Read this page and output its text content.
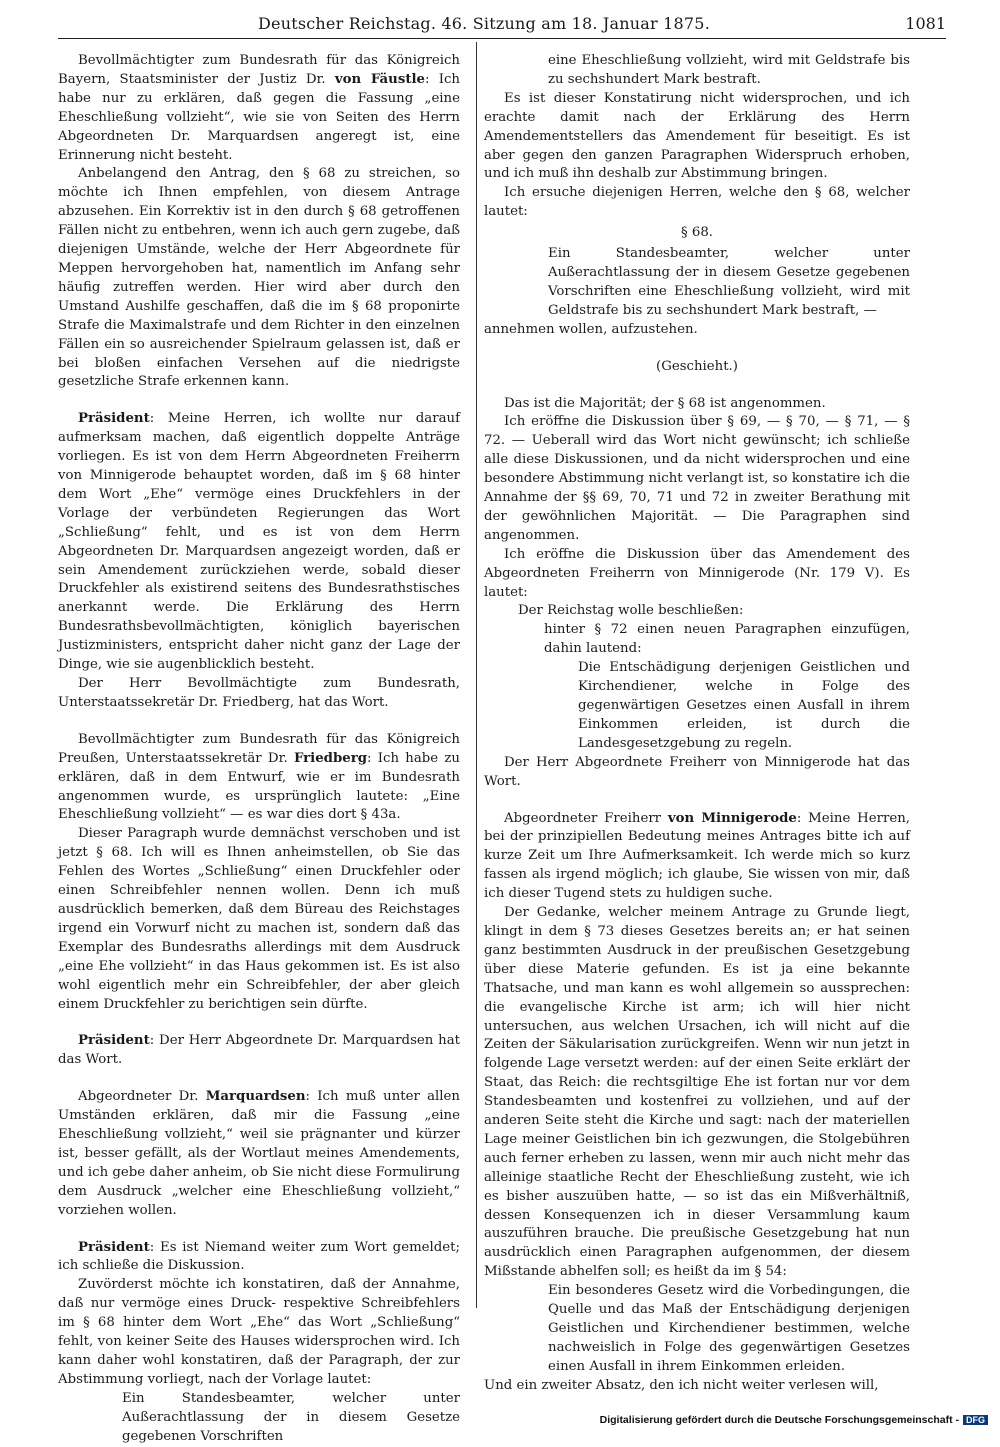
Deutscher Reichstag. 46. Sitzung am 18. Januar 1875.	1081

Bevollmächtigter zum Bundesrath für das Königreich Bayern, Staatsminister der Justiz Dr. von Fäustle: Ich habe nur zu erklären, daß gegen die Fassung „eine Eheschließung vollzieht“, wie sie von Seiten des Herrn Abgeordneten Dr. Marquardsen angeregt ist, eine Erinnerung nicht besteht.

Anbelangend den Antrag, den § 68 zu streichen, so möchte ich Ihnen empfehlen, von diesem Antrage abzusehen. Ein Korrektiv ist in den durch § 68 getroffenen Fällen nicht zu entbehren, wenn ich auch gern zugebe, daß diejenigen Umstände, welche der Herr Abgeordnete für Meppen hervorgehoben hat, namentlich im Anfang sehr häufig zutreffen werden. Hier wird aber durch den Umstand Aushilfe geschaffen, daß die im § 68 proponirte Strafe die Maximalstrafe und dem Richter in den einzelnen Fällen ein so ausreichender Spielraum gelassen ist, daß er bei bloßen einfachen Versehen auf die niedrigste gesetzliche Strafe erkennen kann.

Präsident: Meine Herren, ich wollte nur darauf aufmerksam machen, daß eigentlich doppelte Anträge vorliegen. Es ist von dem Herrn Abgeordneten Freiherrn von Minnigerode behauptet worden, daß im § 68 hinter dem Wort „Ehe“ vermöge eines Druckfehlers in der Vorlage der verbündeten Regierungen das Wort „Schließung“ fehlt, und es ist von dem Herrn Abgeordneten Dr. Marquardsen angezeigt worden, daß er sein Amendement zurückziehen werde, sobald dieser Druckfehler als existirend seitens des Bundesrathstisches anerkannt werde. Die Erklärung des Herrn Bundesrathsbevollmächtigten, königlich bayerischen Justizministers, entspricht daher nicht ganz der Lage der Dinge, wie sie augenblicklich besteht.

Der Herr Bevollmächtigte zum Bundesrath, Unterstaatssekretär Dr. Friedberg, hat das Wort.

Bevollmächtigter zum Bundesrath für das Königreich Preußen, Unterstaatssekretär Dr. Friedberg: Ich habe zu erklären, daß in dem Entwurf, wie er im Bundesrath angenommen wurde, es ursprünglich lautete: „Eine Eheschließung vollzieht“ — es war dies dort § 43a.

Dieser Paragraph wurde demnächst verschoben und ist jetzt § 68. Ich will es Ihnen anheimstellen, ob Sie das Fehlen des Wortes „Schließung“ einen Druckfehler oder einen Schreibfehler nennen wollen. Denn ich muß ausdrücklich bemerken, daß dem Büreau des Reichstages irgend ein Vorwurf nicht zu machen ist, sondern daß das Exemplar des Bundesraths allerdings mit dem Ausdruck „eine Ehe vollzieht“ in das Haus gekommen ist. Es ist also wohl eigentlich mehr ein Schreibfehler, der aber gleich einem Druckfehler zu berichtigen sein dürfte.

Präsident: Der Herr Abgeordnete Dr. Marquardsen hat das Wort.

Abgeordneter Dr. Marquardsen: Ich muß unter allen Umständen erklären, daß mir die Fassung „eine Eheschließung vollzieht,“ weil sie prägnanter und kürzer ist, besser gefällt, als der Wortlaut meines Amendements, und ich gebe daher anheim, ob Sie nicht diese Formulirung dem Ausdruck „welcher eine Eheschließung vollzieht,“ vorziehen wollen.

Präsident: Es ist Niemand weiter zum Wort gemeldet; ich schließe die Diskussion.

Zuvörderst möchte ich konstatiren, daß der Annahme, daß nur vermöge eines Druck- respektive Schreibfehlers im § 68 hinter dem Wort „Ehe“ das Wort „Schließung“ fehlt, von keiner Seite des Hauses widersprochen wird. Ich kann daher wohl konstatiren, daß der Paragraph, der zur Abstimmung vorliegt, nach der Vorlage lautet:

Ein Standesbeamter, welcher unter Außerachtlassung der in diesem Gesetze gegebenen Vorschriften

eine Eheschließung vollzieht, wird mit Geldstrafe bis zu sechshundert Mark bestraft.

Es ist dieser Konstatirung nicht widersprochen, und ich erachte damit nach der Erklärung des Herrn Amendementstellers das Amendement für beseitigt. Es ist aber gegen den ganzen Paragraphen Widerspruch erhoben, und ich muß ihn deshalb zur Abstimmung bringen.

Ich ersuche diejenigen Herren, welche den § 68, welcher lautet:

§ 68.

Ein Standesbeamter, welcher unter Außerachtlassung der in diesem Gesetze gegebenen Vorschriften eine Eheschließung vollzieht, wird mit Geldstrafe bis zu sechshundert Mark bestraft, —

annehmen wollen, aufzustehen.

(Geschieht.)

Das ist die Majorität; der § 68 ist angenommen.

Ich eröffne die Diskussion über § 69, — § 70, — § 71, — § 72. — Ueberall wird das Wort nicht gewünscht; ich schließe alle diese Diskussionen, und da nicht widersprochen und eine besondere Abstimmung nicht verlangt ist, so konstatire ich die Annahme der §§ 69, 70, 71 und 72 in zweiter Berathung mit der gewöhnlichen Majorität. — Die Paragraphen sind angenommen.

Ich eröffne die Diskussion über das Amendement des Abgeordneten Freiherrn von Minnigerode (Nr. 179 V). Es lautet:

Der Reichstag wolle beschließen:

hinter § 72 einen neuen Paragraphen einzufügen, dahin lautend:

Die Entschädigung derjenigen Geistlichen und Kirchendiener, welche in Folge des gegenwärtigen Gesetzes einen Ausfall in ihrem Einkommen erleiden, ist durch die Landesgesetzgebung zu regeln.

Der Herr Abgeordnete Freiherr von Minnigerode hat das Wort.

Abgeordneter Freiherr von Minnigerode: Meine Herren, bei der prinzipiellen Bedeutung meines Antrages bitte ich auf kurze Zeit um Ihre Aufmerksamkeit. Ich werde mich so kurz fassen als irgend möglich; ich glaube, Sie wissen von mir, daß ich dieser Tugend stets zu huldigen suche.

Der Gedanke, welcher meinem Antrage zu Grunde liegt, klingt in dem § 73 dieses Gesetzes bereits an; er hat seinen ganz bestimmten Ausdruck in der preußischen Gesetzgebung über diese Materie gefunden. Es ist ja eine bekannte Thatsache, und man kann es wohl allgemein so aussprechen: die evangelische Kirche ist arm; ich will hier nicht untersuchen, aus welchen Ursachen, ich will nicht auf die Zeiten der Säkularisation zurückgreifen. Wenn wir nun jetzt in folgende Lage versetzt werden: auf der einen Seite erklärt der Staat, das Reich: die rechtsgiltige Ehe ist fortan nur vor dem Standesbeamten und kostenfrei zu vollziehen, und auf der anderen Seite steht die Kirche und sagt: nach der materiellen Lage meiner Geistlichen bin ich gezwungen, die Stolgebühren auch ferner erheben zu lassen, wenn mir auch nicht mehr das alleinige staatliche Recht der Eheschließung zusteht, wie ich es bisher auszuüben hatte, — so ist das ein Mißverhältniß, dessen Konsequenzen ich in dieser Versammlung kaum auszuführen brauche. Die preußische Gesetzgebung hat nun ausdrücklich einen Paragraphen aufgenommen, der diesem Mißstande abhelfen soll; es heißt da im § 54:

Ein besonderes Gesetz wird die Vorbedingungen, die Quelle und das Maß der Entschädigung derjenigen Geistlichen und Kirchendiener bestimmen, welche nachweislich in Folge des gegenwärtigen Gesetzes einen Ausfall in ihrem Einkommen erleiden.

Und ein zweiter Absatz, den ich nicht weiter verlesen will,

Digitalisierung gefördert durch die Deutsche Forschungsgemeinschaft - DFG
